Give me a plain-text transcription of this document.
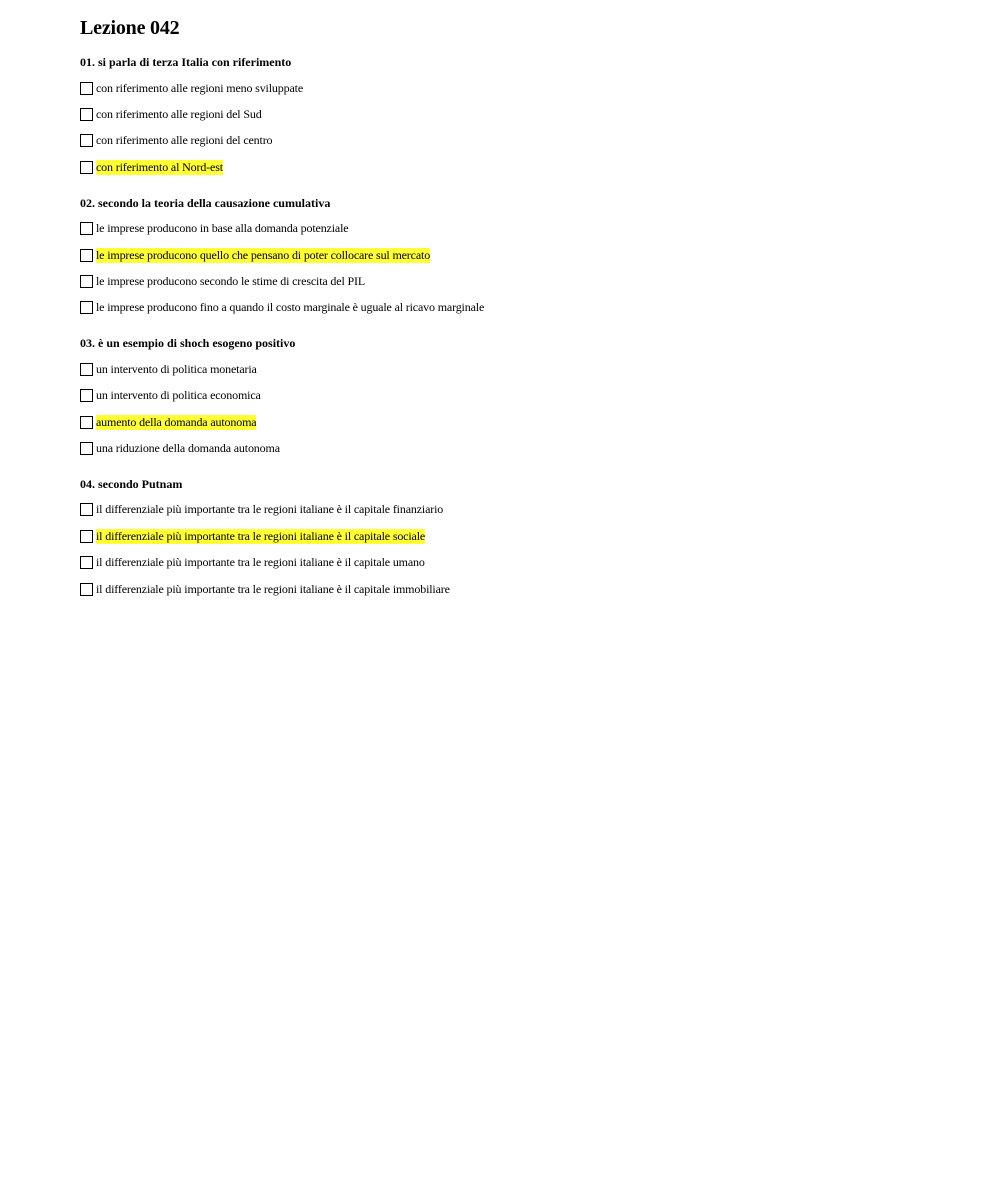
Lezione 042
01. si parla di terza Italia con riferimento
con riferimento alle regioni meno sviluppate
con riferimento alle regioni del Sud
con riferimento alle regioni del centro
con riferimento al Nord-est
02. secondo la teoria della causazione cumulativa
le imprese producono in base alla domanda potenziale
le imprese producono quello che pensano di poter collocare sul mercato
le imprese producono secondo le stime di crescita del PIL
le imprese producono fino a quando il costo marginale è uguale al ricavo marginale
03. è un esempio di shoch esogeno positivo
un intervento di politica monetaria
un intervento di politica economica
aumento della domanda autonoma
una riduzione della domanda autonoma
04. secondo Putnam
il differenziale più importante tra le regioni italiane è il capitale finanziario
il differenziale più importante tra le regioni italiane è il capitale sociale
il differenziale più importante tra le regioni italiane è il capitale umano
il differenziale più importante tra le regioni italiane è il capitale immobiliare
